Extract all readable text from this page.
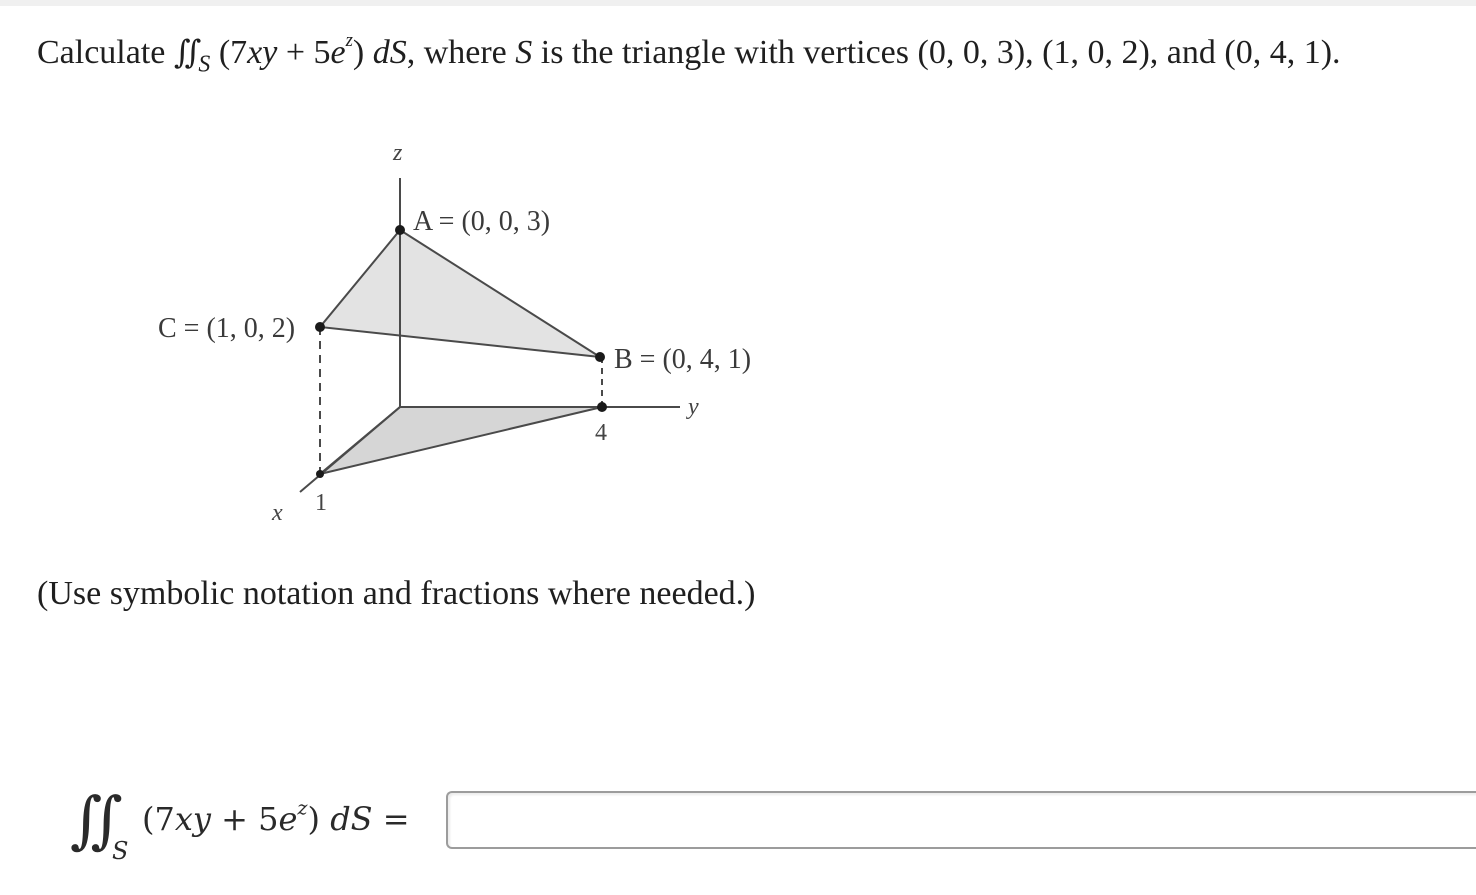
Calculate $∬_S$ $(7xy + 5e^z)$ dS, where S is the triangle with vertices (0, 0, 3), (1, 0, 2), and (0, 4, 1).
z
y
x
4
1
A = (0, 0, 3)
B = (0, 4, 1)
C = (1, 0, 2)
(Use symbolic notation and fractions where needed.)
∬ S
$(7xy + 5e^z)$ dS =
